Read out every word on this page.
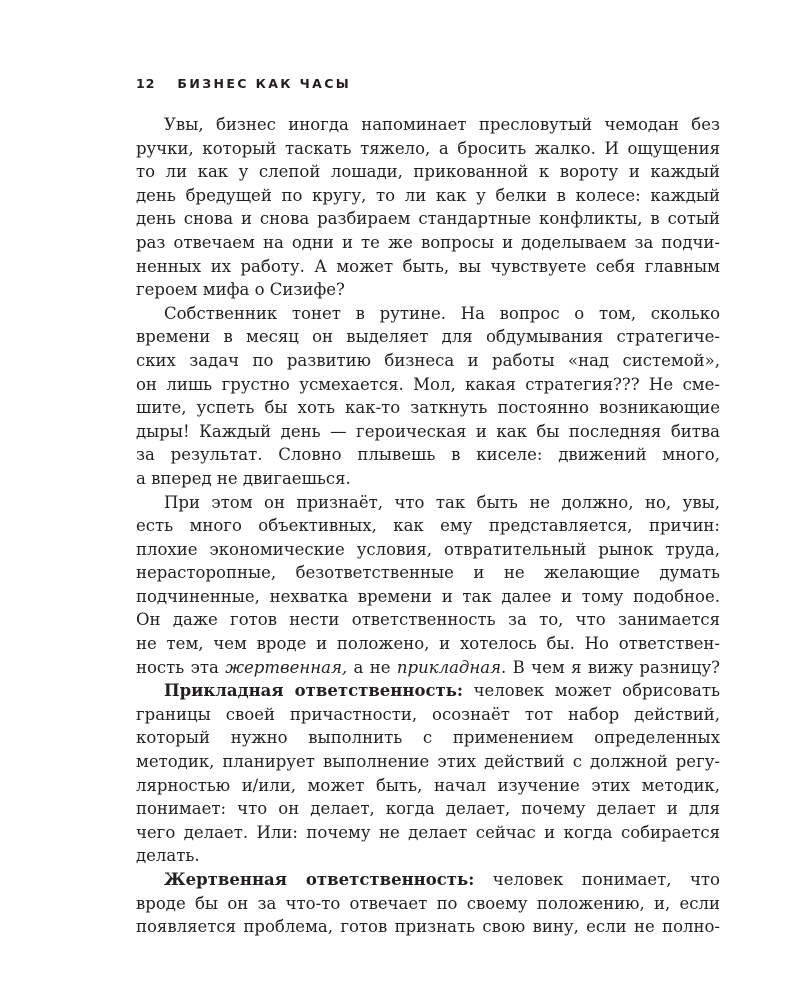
12 БИЗНЕС КАК ЧАСЫ
Увы, бизнес иногда напоминает пресловутый чемодан без
ручки, который таскать тяжело, а бросить жалко. И ощущения
то ли как у слепой лошади, прикованной к вороту и каждый
день бредущей по кругу, то ли как у белки в колесе: каждый
день снова и снова разбираем стандартные конфликты, в сотый
раз отвечаем на одни и те же вопросы и доделываем за подчи-
ненных их работу. А может быть, вы чувствуете себя главным
героем мифа о Сизифе?
Собственник тонет в рутине. На вопрос о том, сколько
времени в месяц он выделяет для обдумывания стратегиче-
ских задач по развитию бизнеса и работы «над системой»,
он лишь грустно усмехается. Мол, какая стратегия??? Не сме-
шите, успеть бы хоть как-то заткнуть постоянно возникающие
дыры! Каждый день — героическая и как бы последняя битва
за результат. Словно плывешь в киселе: движений много,
а вперед не двигаешься.
При этом он признаёт, что так быть не должно, но, увы,
есть много объективных, как ему представляется, причин:
плохие экономические условия, отвратительный рынок труда,
нерасторопные, безответственные и не желающие думать
подчиненные, нехватка времени и так далее и тому подобное.
Он даже готов нести ответственность за то, что занимается
не тем, чем вроде и положено, и хотелось бы. Но ответствен-
ность эта жертвенная, а не прикладная. В чем я вижу разницу?
Прикладная ответственность: человек может обрисовать
границы своей причастности, осознаёт тот набор действий,
который нужно выполнить с применением определенных
методик, планирует выполнение этих действий с должной регу-
лярностью и/или, может быть, начал изучение этих методик,
понимает: что он делает, когда делает, почему делает и для
чего делает. Или: почему не делает сейчас и когда собирается
делать.
Жертвенная ответственность: человек понимает, что
вроде бы он за что-то отвечает по своему положению, и, если
появляется проблема, готов признать свою вину, если не полно-
